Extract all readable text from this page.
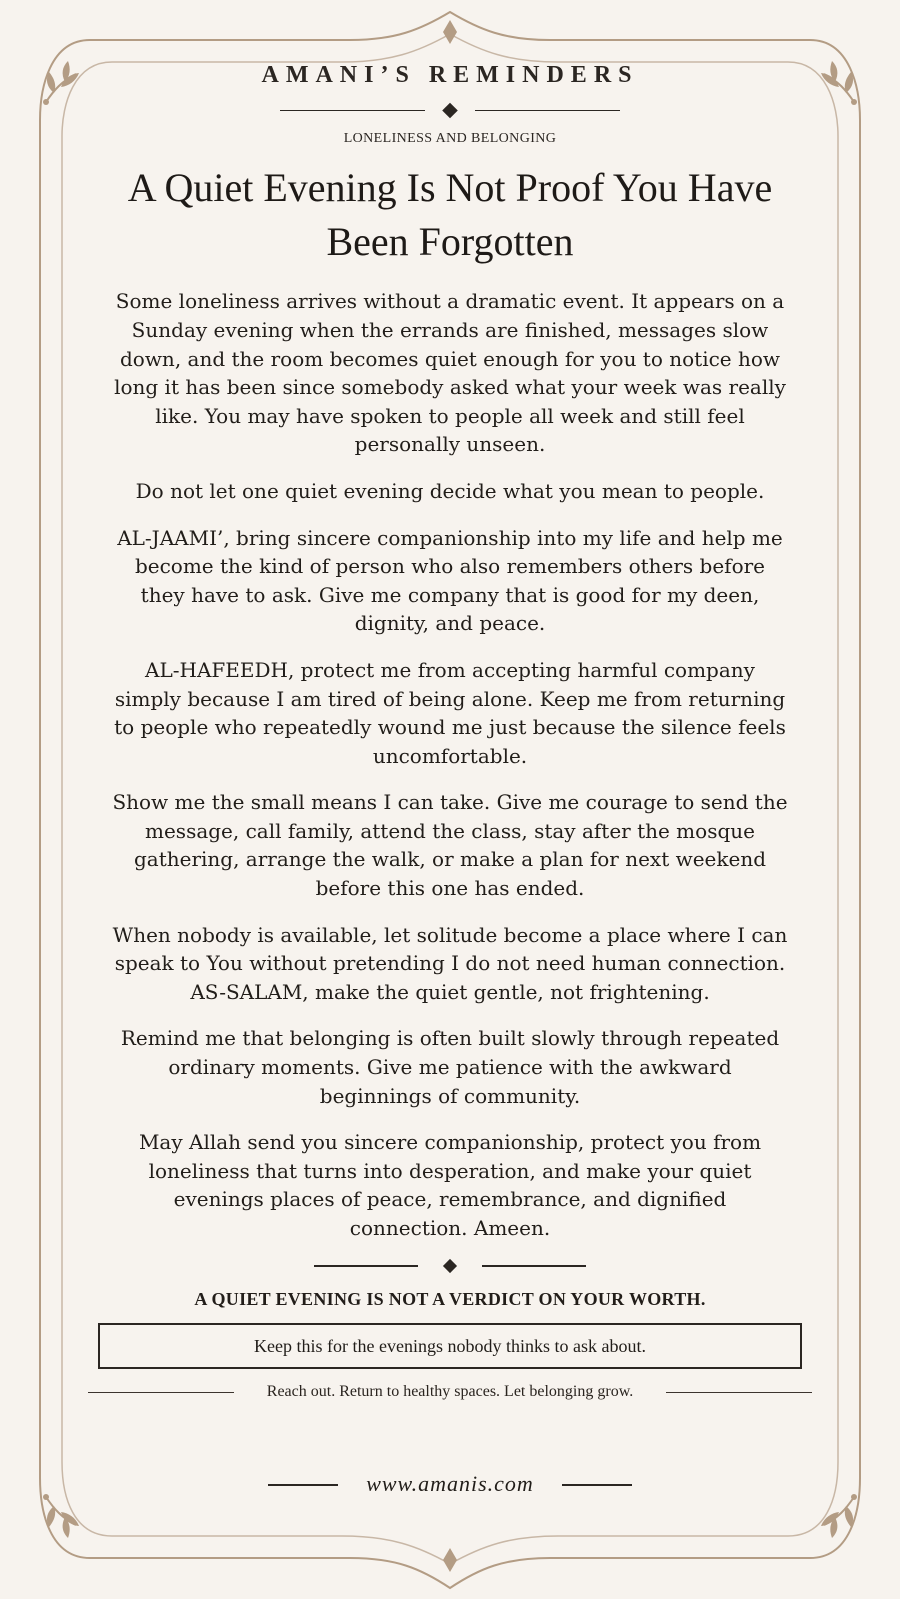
AMANI’S REMINDERS
LONELINESS AND BELONGING
A Quiet Evening Is Not Proof You Have Been Forgotten

Some loneliness arrives without a dramatic event. It appears on a Sunday evening when the errands are finished, messages slow down, and the room becomes quiet enough for you to notice how long it has been since somebody asked what your week was really like. You may have spoken to people all week and still feel personally unseen.

Do not let one quiet evening decide what you mean to people.

AL-JAAMI’, bring sincere companionship into my life and help me become the kind of person who also remembers others before they have to ask. Give me company that is good for my deen, dignity, and peace.

AL-HAFEEDH, protect me from accepting harmful company simply because I am tired of being alone. Keep me from returning to people who repeatedly wound me just because the silence feels uncomfortable.

Show me the small means I can take. Give me courage to send the message, call family, attend the class, stay after the mosque gathering, arrange the walk, or make a plan for next weekend before this one has ended.

When nobody is available, let solitude become a place where I can speak to You without pretending I do not need human connection. AS-SALAM, make the quiet gentle, not frightening.

Remind me that belonging is often built slowly through repeated ordinary moments. Give me patience with the awkward beginnings of community.

May Allah send you sincere companionship, protect you from loneliness that turns into desperation, and make your quiet evenings places of peace, remembrance, and dignified connection. Ameen.

A QUIET EVENING IS NOT A VERDICT ON YOUR WORTH.
Keep this for the evenings nobody thinks to ask about.
Reach out. Return to healthy spaces. Let belonging grow.
www.amanis.com
